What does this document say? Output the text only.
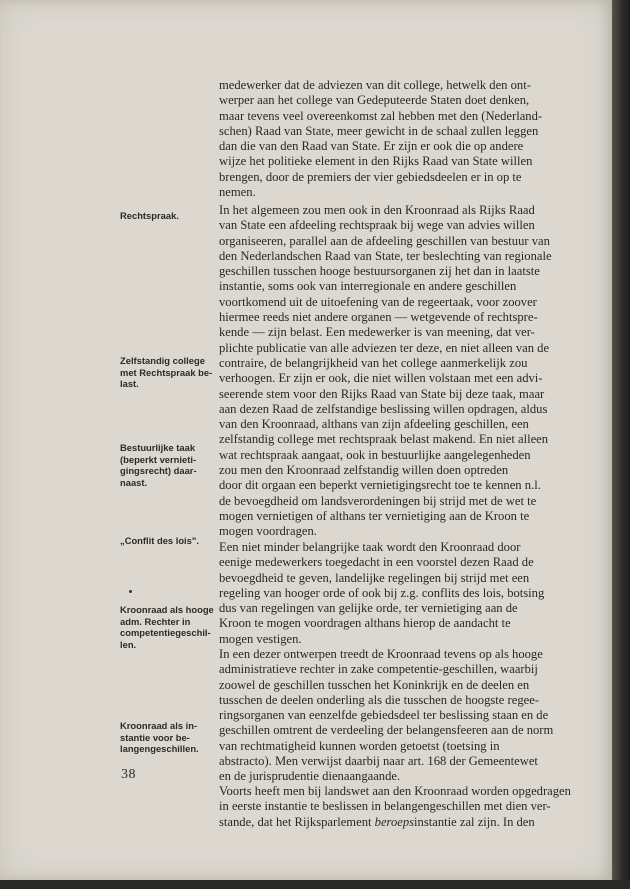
medewerker dat de adviezen van dit college, hetwelk den ont-
werper aan het college van Gedeputeerde Staten doet denken,
maar tevens veel overeenkomst zal hebben met den (Nederland-
schen) Raad van State, meer gewicht in de schaal zullen leggen
dan die van den Raad van State. Er zijn er ook die op andere
wijze het politieke element in den Rijks Raad van State willen
brengen, door de premiers der vier gebiedsdeelen er in op te
nemen.

In het algemeen zou men ook in den Kroonraad als Rijks Raad
van State een afdeeling rechtspraak bij wege van advies willen
organiseeren, parallel aan de afdeeling geschillen van bestuur van
den Nederlandschen Raad van State, ter beslechting van regionale
geschillen tusschen hooge bestuursorganen zij het dan in laatste
instantie, soms ook van interregionale en andere geschillen
voortkomend uit de uitoefening van de regeertaak, voor zoover
hiermee reeds niet andere organen — wetgevende of rechtspre-
kende — zijn belast. Een medewerker is van meening, dat ver-
plichte publicatie van alle adviezen ter deze, en niet alleen van de
contraire, de belangrijkheid van het college aanmerkelijk zou
verhoogen. Er zijn er ook, die niet willen volstaan met een advi-
seerende stem voor den Rijks Raad van State bij deze taak, maar
aan dezen Raad de zelfstandige beslissing willen opdragen, aldus
van den Kroonraad, althans van zijn afdeeling geschillen, een
zelfstandig college met rechtspraak belast makend. En niet alleen
wat rechtspraak aangaat, ook in bestuurlijke aangelegenheden
zou men den Kroonraad zelfstandig willen doen optreden
door dit orgaan een beperkt vernietigingsrecht toe te kennen n.l.
de bevoegdheid om landsverordeningen bij strijd met de wet te
mogen vernietigen of althans ter vernietiging aan de Kroon te
mogen voordragen.

Een niet minder belangrijke taak wordt den Kroonraad door
eenige medewerkers toegedacht in een voorstel dezen Raad de
bevoegdheid te geven, landelijke regelingen bij strijd met een
regeling van hooger orde of ook bij z.g. conflits des lois, botsing
dus van regelingen van gelijke orde, ter vernietiging aan de
Kroon te mogen voordragen althans hierop de aandacht te
mogen vestigen.

In een dezer ontwerpen treedt de Kroonraad tevens op als hooge
administratieve rechter in zake competentie-geschillen, waarbij
zoowel de geschillen tusschen het Koninkrijk en de deelen en
tusschen de deelen onderling als die tusschen de hoogste regee-
ringsorganen van eenzelfde gebiedsdeel ter beslissing staan en de
geschillen omtrent de verdeeling der belangensfeeren aan de norm
van rechtmatigheid kunnen worden getoetst (toetsing in
abstracto). Men verwijst daarbij naar art. 168 der Gemeentewet
en de jurisprudentie dienaangaande.

Voorts heeft men bij landswet aan den Kroonraad worden opgedragen
in eerste instantie te beslissen in belangengeschillen met dien ver-
stande, dat het Rijksparlement beroepsinstantie zal zijn. In den

Rechtspraak.

Zelfstandig college
met Rechtspraak be-
last.

Bestuurlijke taak
(beperkt vernieti-
gingsrecht) daar-
naast.

„Conflit des lois".

Kroonraad als hooge
adm. Rechter in
competentiegeschil-
len.

Kroonraad als in-
stantie voor be-
langengeschillen.

38
